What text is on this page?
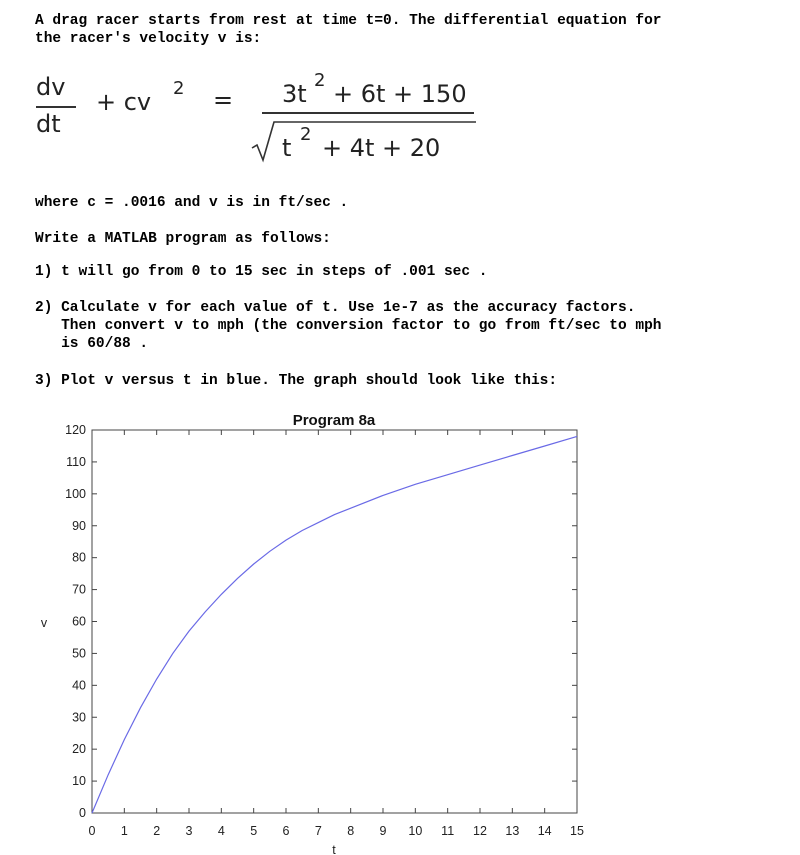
A drag racer starts from rest at time t=0. The differential equation for
the racer's velocity v is:
dv
dt
+ cv 2 = 3t 2 + 6t + 150
t 2 + 4t + 20
where c = .0016 and v is in ft/sec .
Write a MATLAB program as follows:
1) t will go from 0 to 15 sec in steps of .001 sec .
2) Calculate v for each value of t. Use 1e-7 as the accuracy factors.
Then convert v to mph (the conversion factor to go from ft/sec to mph
is 60/88 .
3) Plot v versus t in blue. The graph should look like this:
Program 8a
v
t
0 1 2 3 4 5 6 7 8 9 10 11 12 13 14 15
0
10
20
30
40
50
60
70
80
90
100
110
120
